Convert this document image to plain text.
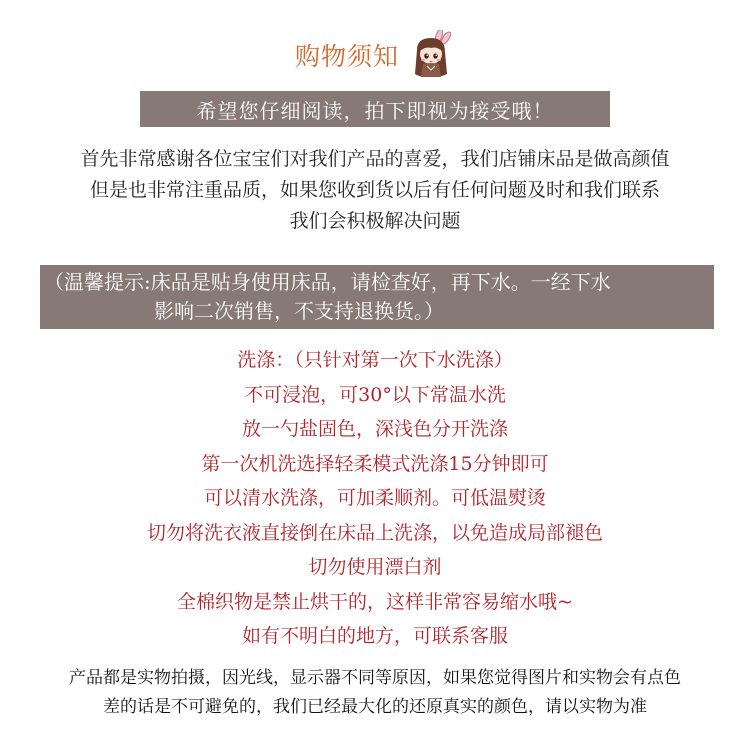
购物须知
希望您仔细阅读，拍下即视为接受哦！
首先非常感谢各位宝宝们对我们产品的喜爱，我们店铺床品是做高颜值
但是也非常注重品质，如果您收到货以后有任何问题及时和我们联系
我们会积极解决问题
（温馨提示:床品是贴身使用床品，请检查好，再下水。一经下水
影响二次销售，不支持退换货。）
洗涤：（只针对第一次下水洗涤）
不可浸泡，可30°以下常温水洗
放一勺盐固色，深浅色分开洗涤
第一次机洗选择轻柔模式洗涤15分钟即可
可以清水洗涤，可加柔顺剂。可低温熨烫
切勿将洗衣液直接倒在床品上洗涤，以免造成局部褪色
切勿使用漂白剂
全棉织物是禁止烘干的，这样非常容易缩水哦~
如有不明白的地方，可联系客服
产品都是实物拍摄，因光线，显示器不同等原因，如果您觉得图片和实物会有点色
差的话是不可避免的，我们已经最大化的还原真实的颜色，请以实物为准
